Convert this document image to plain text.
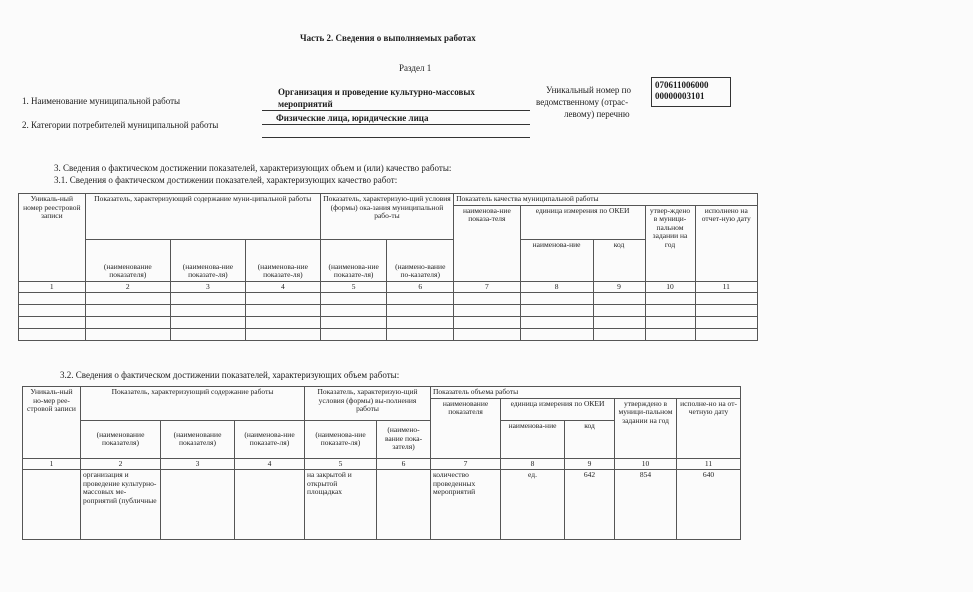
Часть 2. Сведения о выполняемых работах
Раздел 1
1. Наименование муниципальной работы
Организация и проведение культурно-массовых
мероприятий
2. Категории потребителей муниципальной работы
Физические лица, юридические лица
Уникальный номер по
ведомственному (отрас-
левому) перечню
070611006000
00000003101
3. Сведения о фактическом достижении показателей, характеризующих объем и (или) качество работы:
3.1. Сведения о фактическом достижении показателей, характеризующих качество работ:
Уникаль-ный номер реестровой записи	Показатель, характеризующий содержание муни-ципальной работы			Показатель, характеризую-щий условия (формы) ока-зания муниципальной рабо-ты		Показатель качества муниципальной работы				
						наименова-ние показа-теля	единица измерения по ОКЕИ		утвер-ждено в муници-пальном задании на год	исполнено на отчет-ную дату
	(наименование показателя)	(наименова-ние показате-ля)	(наименова-ние показате-ля)	(наименова-ние показате-ля)	(наимено-вание по-казателя)		наименова-ние	код		
1	2	3	4	5	6	7	8	9	10	11

3.2. Сведения о фактическом достижении показателей, характеризующих объем работы:
Уникаль-ный но-мер рее-стровой записи	Показатель, характеризующий содержание работы			Показатель, характеризую-щий условия (формы) вы-полнения работы		Показатель объема работы				
						наименование показателя	единица измерения по ОКЕИ		утверждено в муници-пальном задании на год	исполне-но на от-четную дату
	(наименование показателя)	(наименование показателя)	(наименова-ние показате-ля)	(наименова-ние показате-ля)	(наимено-вание пока-зателя)		наименова-ние	код		
1	2	3	4	5	6	7	8	9	10	11
	организация и проведение культурно-массовых ме-роприятий (публичные			на закрытой и открытой площадках		количество проведенных мероприятий	ед.	642	854	640
